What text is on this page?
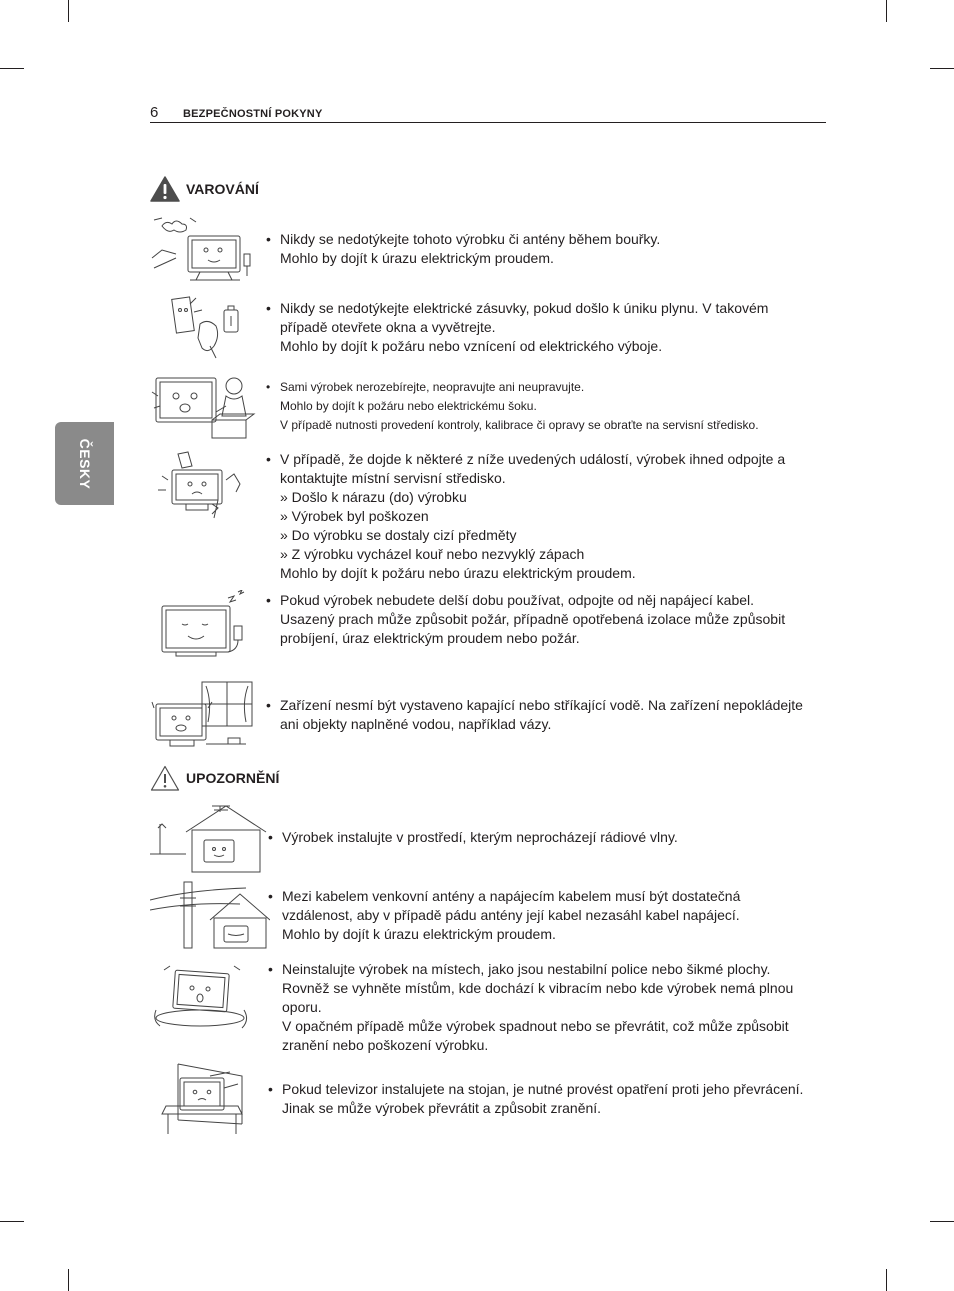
6 BEZPEČNOSTNÍ POKYNY
ČESKY
VAROVÁNÍ
• Nikdy se nedotýkejte tohoto výrobku či antény během bouřky.
Mohlo by dojít k úrazu elektrickým proudem.
• Nikdy se nedotýkejte elektrické zásuvky, pokud došlo k úniku plynu. V takovém
případě otevřete okna a vyvětrejte.
Mohlo by dojít k požáru nebo vznícení od elektrického výboje.
• Sami výrobek nerozebírejte, neopravujte ani neupravujte.
Mohlo by dojít k požáru nebo elektrickému šoku.
V případě nutnosti provedení kontroly, kalibrace či opravy se obraťte na servisní středisko.
• V případě, že dojde k některé z níže uvedených událostí, výrobek ihned odpojte a
kontaktujte místní servisní středisko.
» Došlo k nárazu (do) výrobku
» Výrobek byl poškozen
» Do výrobku se dostaly cizí předměty
» Z výrobku vycházel kouř nebo nezvyklý zápach
Mohlo by dojít k požáru nebo úrazu elektrickým proudem.
• Pokud výrobek nebudete delší dobu používat, odpojte od něj napájecí kabel.
Usazený prach může způsobit požár, případně opotřebená izolace může způsobit
probíjení, úraz elektrickým proudem nebo požár.
• Zařízení nesmí být vystaveno kapající nebo stříkající vodě. Na zařízení nepokládejte
ani objekty naplněné vodou, například vázy.
UPOZORNĚNÍ
• Výrobek instalujte v prostředí, kterým neprocházejí rádiové vlny.
• Mezi kabelem venkovní antény a napájecím kabelem musí být dostatečná
vzdálenost, aby v případě pádu antény její kabel nezasáhl kabel napájecí.
Mohlo by dojít k úrazu elektrickým proudem.
• Neinstalujte výrobek na místech, jako jsou nestabilní police nebo šikmé plochy.
Rovněž se vyhněte místům, kde dochází k vibracím nebo kde výrobek nemá plnou
oporu.
V opačném případě může výrobek spadnout nebo se převrátit, což může způsobit
zranění nebo poškození výrobku.
• Pokud televizor instalujete na stojan, je nutné provést opatření proti jeho převrácení.
Jinak se může výrobek převrátit a způsobit zranění.
